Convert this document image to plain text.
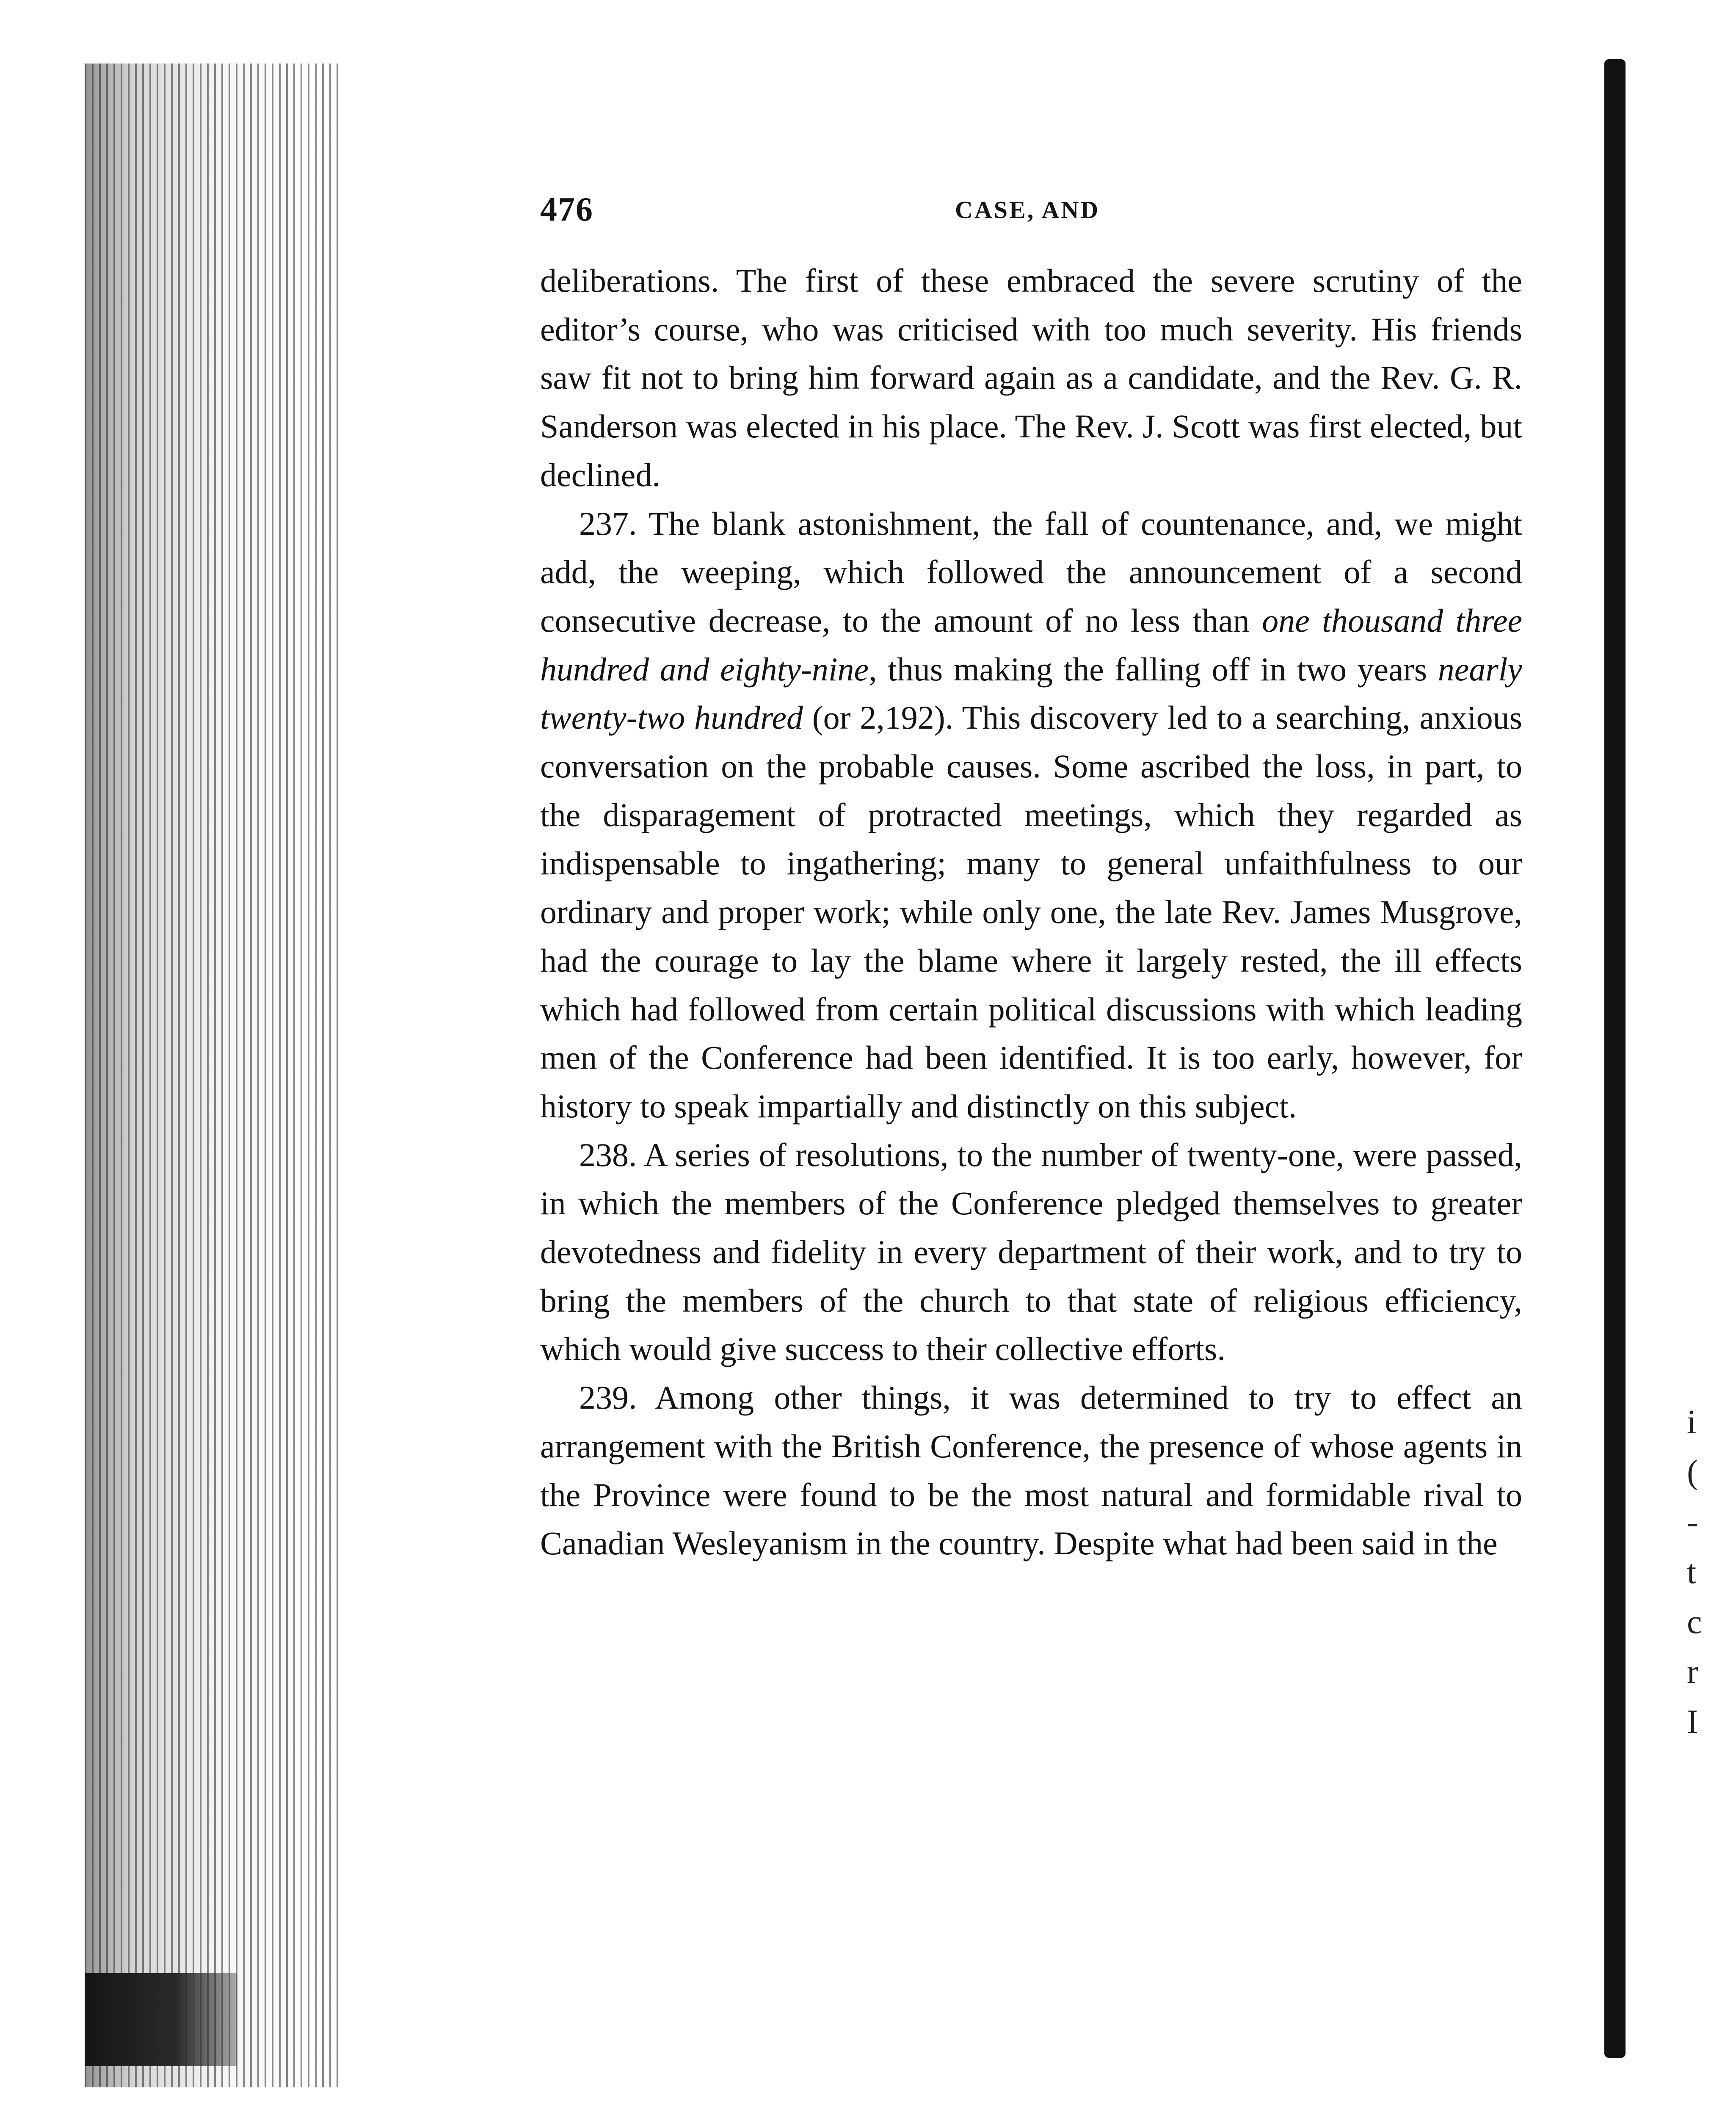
i
(
-
t
c
r
I
476	CASE, AND

deliberations. The first of these embraced the severe scrutiny of the editor’s course, who was criticised with too much severity. His friends saw fit not to bring him forward again as a candidate, and the Rev. G. R. Sanderson was elected in his place. The Rev. J. Scott was first elected, but declined.

237. The blank astonishment, the fall of countenance, and, we might add, the weeping, which followed the announcement of a second consecutive decrease, to the amount of no less than one thousand three hundred and eighty-nine, thus making the falling off in two years nearly twenty-two hundred (or 2,192). This discovery led to a searching, anxious conversation on the probable causes. Some ascribed the loss, in part, to the disparagement of protracted meetings, which they regarded as indispensable to ingathering; many to general unfaithfulness to our ordinary and proper work; while only one, the late Rev. James Musgrove, had the courage to lay the blame where it largely rested, the ill effects which had followed from certain political discussions with which leading men of the Conference had been identified. It is too early, however, for history to speak impartially and distinctly on this subject.

238. A series of resolutions, to the number of twenty-one, were passed, in which the members of the Conference pledged themselves to greater devotedness and fidelity in every department of their work, and to try to bring the members of the church to that state of religious efficiency, which would give success to their collective efforts.

239. Among other things, it was determined to try to effect an arrangement with the British Conference, the presence of whose agents in the Province were found to be the most natural and formidable rival to Canadian Wesleyanism in the country. Despite what had been said in the
